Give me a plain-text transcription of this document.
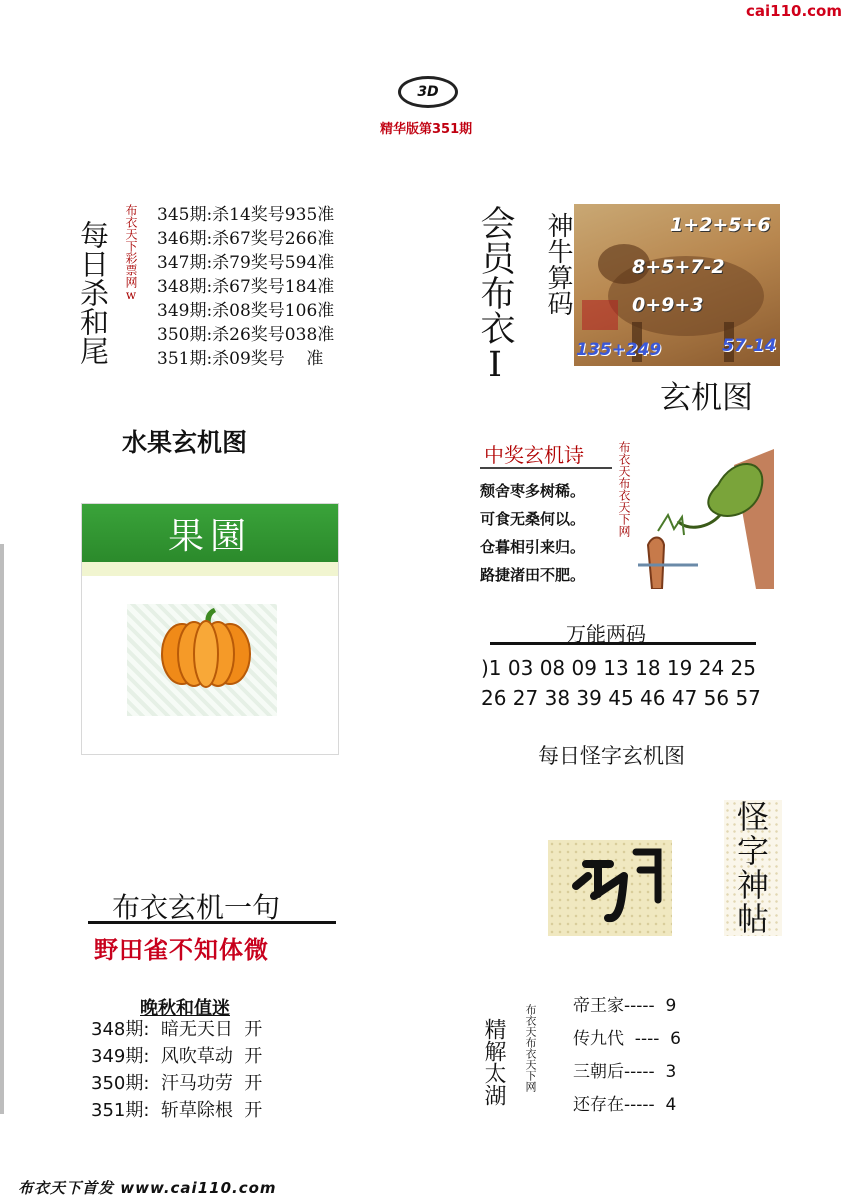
cai110.com
3D
精华版第351期
每日杀和尾 布衣天下彩票网w 345期:杀14奖号935准
346期:杀67奖号266准
347期:杀79奖号594准
348期:杀67奖号184准
349期:杀08奖号106准
350期:杀26奖号038准
351期:杀09奖号    准	会员布衣Ⅰ 神牛算码	1+2+5+6
8+5+7-2
0+9+3
135+249	57-14
玄机图
水果玄机图
果園
中奖玄机诗
颓舍枣多树稀。
可食无桑何以。
仓暮相引来归。
路捷渚田不肥。
布衣天布衣天下网
万能两码
)1 03 08 09 13 18 19 24 25
26 27 38 39 45 46 47 56 57
每日怪字玄机图
怪
字
神
帖
布衣玄机一句
野田雀不知体微
晚秋和值迷
348期:  暗无天日  开
349期:  风吹草动  开
350期:  汗马功劳  开
351期:  斩草除根  开
精解太湖 布衣天布衣天下网 帝王家-----  9
传九代  ----  6
三朝后-----  3
还存在-----  4
布衣天下首发 www.cai110.com
